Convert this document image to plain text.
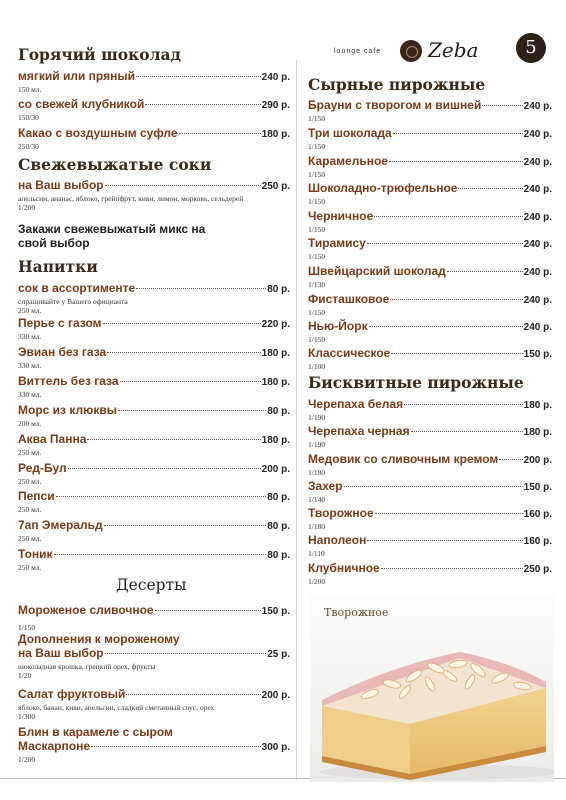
lounge cafe Zeba	5
Горячий шоколад
мягкий или пряный	240 р.
150 мл.
со свежей клубникой	290 р.
150/30
Какао с воздушным суфле	180 р.
250/30
Свежевыжатые соки
на Ваш выбор	250 р.
апельсин, ананас, яблоко, грейпфрут, киви, лимон, морковь, сельдерей
1/200
Закажи свежевыжатый микс на
свой выбор
Напитки
сок в ассортименте	80 р.
спрашивайте у Вашего официанта
250 мл.
Перье с газом	220 р.
330 мл.
Эвиан без газа	180 р.
330 мл.
Виттель без газа	180 р.
330 мл.
Морс из клюквы	80 р.
200 мл.
Аква Панна	180 р.
250 мл.
Ред-Бул	200 р.
250 мл.
Пепси	80 р.
250 мл.
7ап Эмеральд	80 р.
250 мл.
Тоник	80 р.
250 мл.
Десерты
Мороженое сливочное	150 р.
1/150
Дополнения к мороженому
на Ваш выбор	25 р.
шоколадная крошка, грецкий орех, фрукты
1/20
Салат фруктовый	200 р.
яблоко, банан, киви, апельсин, сладкий сметанный соус, орех
1/300
Блин в карамеле с сыром
Маскарпоне	300 р.
1/200
Сырные пирожные
Брауни с творогом и вишней	240 р.
1/150
Три шоколада	240 р.
1/150
Карамельное	240 р.
1/150
Шоколадно-трюфельное	240 р.
1/150
Черничное	240 р.
1/150
Тирамису	240 р.
1/150
Швейцарский шоколад	240 р.
1/130
Фисташковое	240 р.
1/150
Нью-Йорк	240 р.
1/150
Классическое	150 р.
1/100
Бисквитные пирожные
Черепаха белая	180 р.
1/190
Черепаха черная	180 р.
1/190
Медовик со сливочным кремом	200 р.
1/180
Захер	150 р.
1/140
Творожное	160 р.
1/180
Наполеон	160 р.
1/110
Клубничное	250 р.
1/200
Творожное
